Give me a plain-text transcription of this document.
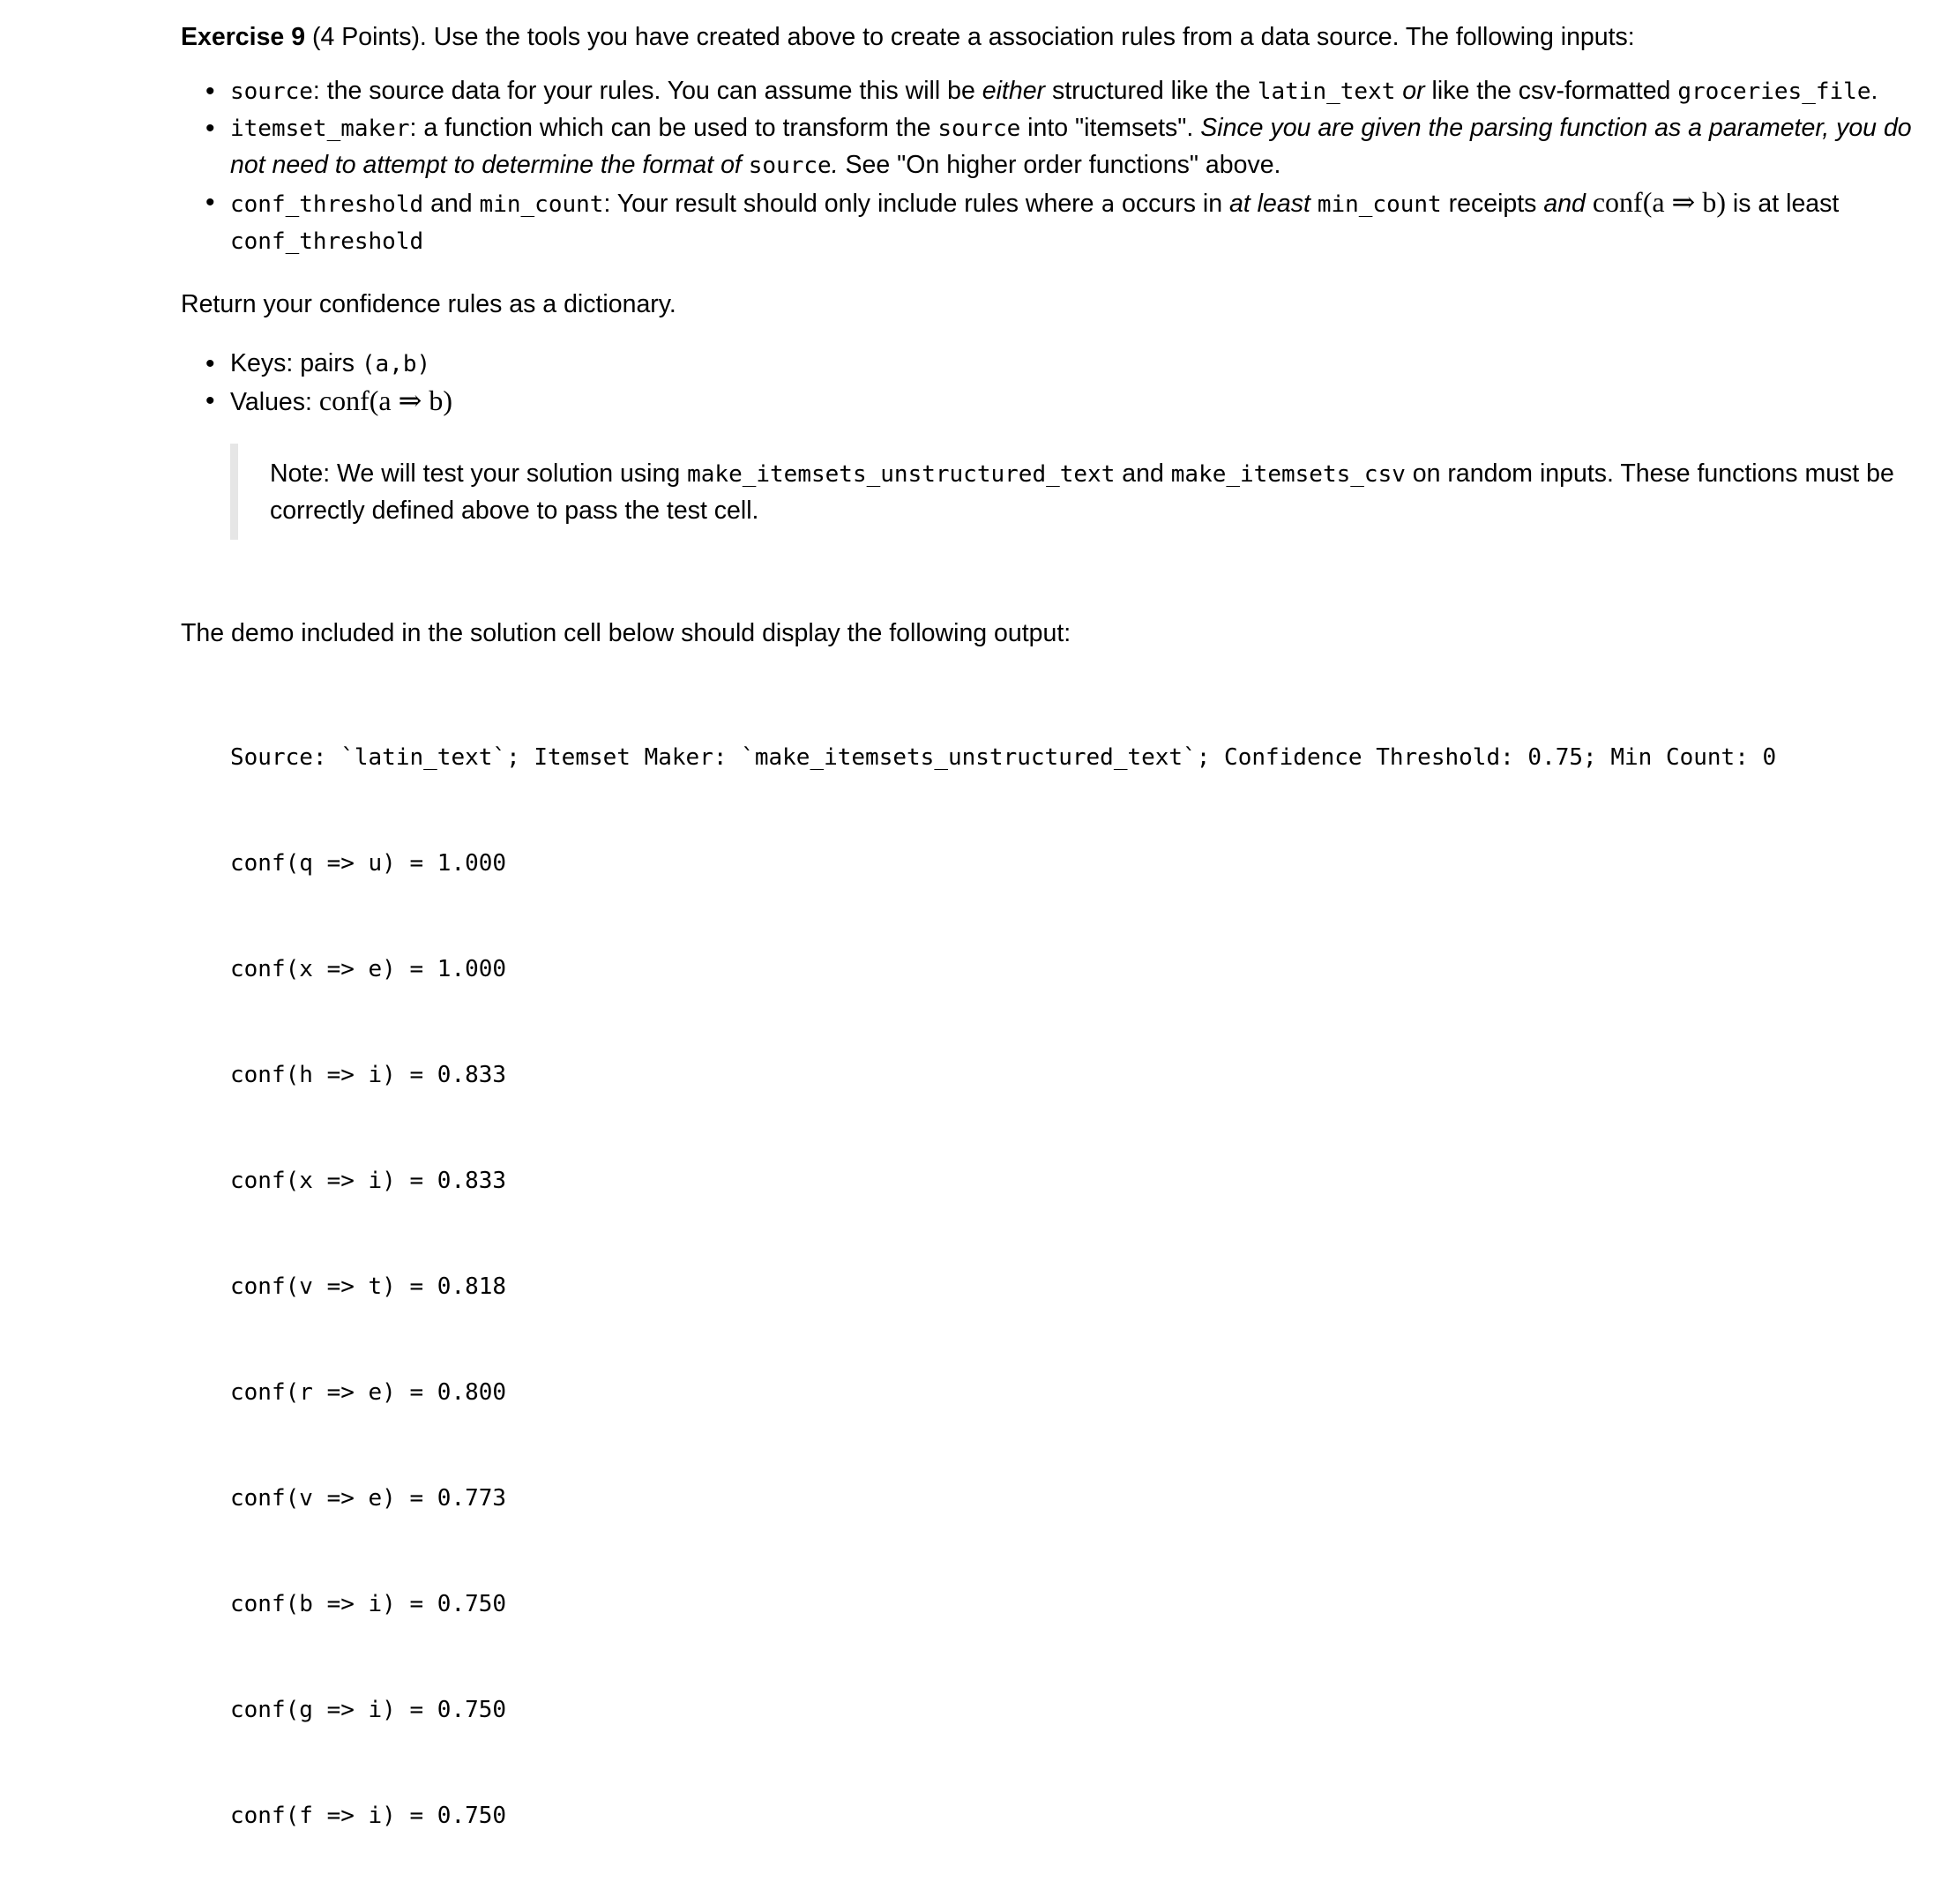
Exercise 9 (4 Points). Use the tools you have created above to create a association rules from a data source. The following inputs:

• source: the source data for your rules. You can assume this will be either structured like the latin_text or like the csv-formatted groceries_file.
• itemset_maker: a function which can be used to transform the source into "itemsets". Since you are given the parsing function as a parameter, you do not need to attempt to determine the format of source. See "On higher order functions" above.
• conf_threshold and min_count: Your result should only include rules where a occurs in at least min_count receipts and conf(a ⇒ b) is at least conf_threshold

Return your confidence rules as a dictionary.

• Keys: pairs (a,b)
• Values: conf(a ⇒ b)
Note: We will test your solution using make_itemsets_unstructured_text and make_itemsets_csv on random inputs. These functions must be correctly defined above to pass the test cell.

The demo included in the solution cell below should display the following output:

Source: `latin_text`; Itemset Maker: `make_itemsets_unstructured_text`; Confidence Threshold: 0.75; Min Count: 0

conf(q => u) = 1.000

conf(x => e) = 1.000

conf(h => i) = 0.833

conf(x => i) = 0.833

conf(v => t) = 0.818

conf(r => e) = 0.800

conf(v => e) = 0.773

conf(b => i) = 0.750

conf(g => i) = 0.750

conf(f => i) = 0.750
